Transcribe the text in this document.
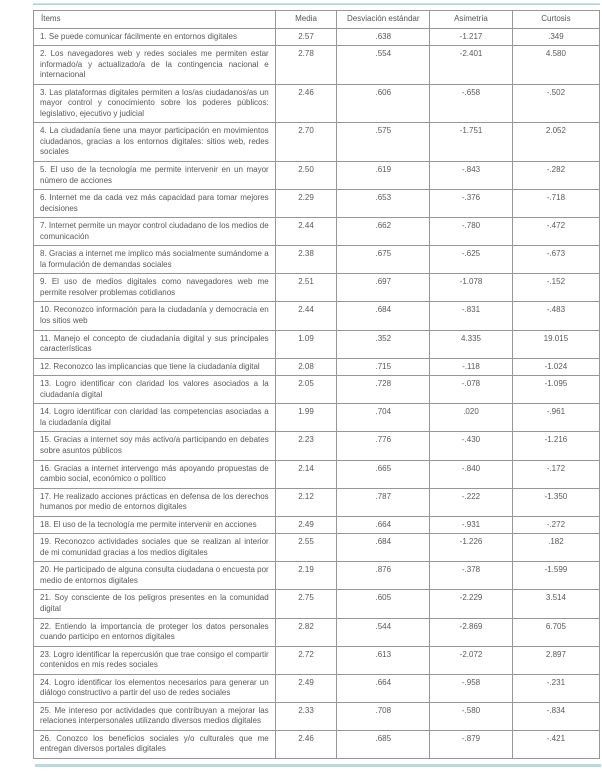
Ítems	Media	Desviación estándar	Asimetría	Curtosis
1. Se puede comunicar fácilmente en entornos digitales	2.57	.638	-1.217	.349
2. Los navegadores web y redes sociales me permiten estar informado/a y actualizado/a de la contingencia nacional e internacional	2.78	.554	-2.401	4.580
3. Las plataformas digitales permiten a los/as ciudadanos/as un mayor control y conocimiento sobre los poderes públicos: legislativo, ejecutivo y judicial	2.46	.606	-.658	-.502
4. La ciudadanía tiene una mayor participación en movimientos ciudadanos, gracias a los entornos digitales: sitios web, redes sociales	2.70	.575	-1.751	2.052
5. El uso de la tecnología me permite intervenir en un mayor número de acciones	2.50	.619	-.843	-.282
6. Internet me da cada vez más capacidad para tomar mejores decisiones	2.29	.653	-.376	-.718
7. Internet permite un mayor control ciudadano de los medios de comunicación	2.44	.662	-.780	-.472
8. Gracias a internet me implico más socialmente sumándome a la formulación de demandas sociales	2.38	.675	-.625	-.673
9. El uso de medios digitales como navegadores web me permite resolver problemas cotidianos	2.51	.697	-1.078	-.152
10. Reconozco información para la ciudadanía y democracia en los sitios web	2.44	.684	-.831	-.483
11. Manejo el concepto de ciudadanía digital y sus principales características	1.09	.352	4.335	19.015
12. Reconozco las implicancias que tiene la ciudadanía digital	2.08	.715	-.118	-1.024
13. Logro identificar con claridad los valores asociados a la ciudadanía digital	2.05	.728	-.078	-1.095
14. Logro identificar con claridad las competencias asociadas a la ciudadanía digital	1.99	.704	.020	-.961
15. Gracias a internet soy más activo/a participando en debates sobre asuntos públicos	2.23	.776	-.430	-1.216
16. Gracias a internet intervengo más apoyando propuestas de cambio social, económico o político	2.14	.665	-.840	-.172
17. He realizado acciones prácticas en defensa de los derechos humanos por medio de entornos digitales	2.12	.787	-.222	-1.350
18. El uso de la tecnología me permite intervenir en acciones	2.49	.664	-.931	-.272
19. Reconozco actividades sociales que se realizan al interior de mi comunidad gracias a los medios digitales	2.55	.684	-1.226	.182
20. He participado de alguna consulta ciudadana o encuesta por medio de entornos digitales	2.19	.876	-.378	-1.599
21. Soy consciente de los peligros presentes en la comunidad digital	2.75	.605	-2.229	3.514
22. Entiendo la importancia de proteger los datos personales cuando participo en entornos digitales	2.82	.544	-2.869	6.705
23. Logro identificar la repercusión que trae consigo el compartir contenidos en mis redes sociales	2.72	.613	-2.072	2.897
24. Logro identificar los elementos necesarios para generar un diálogo constructivo a partir del uso de redes sociales	2.49	.664	-.958	-.231
25. Me intereso por actividades que contribuyan a mejorar las relaciones interpersonales utilizando diversos medios digitales	2.33	.708	-.580	-.834
26. Conozco los beneficios sociales y/o culturales que me entregan diversos portales digitales	2.46	.685	-.879	-.421
